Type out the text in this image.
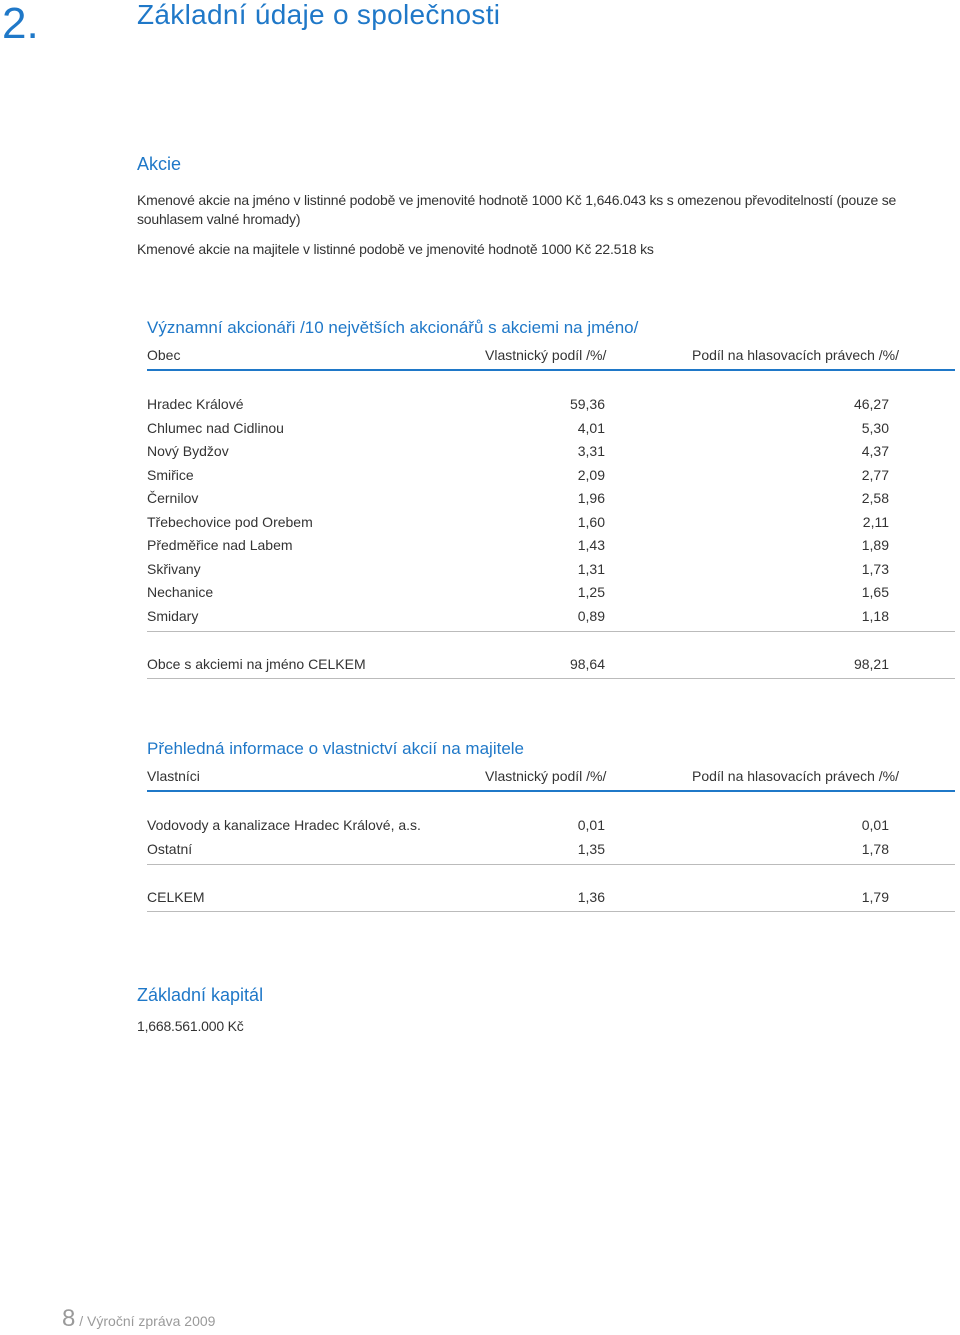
2.	Základní údaje o společnosti
Akcie
Kmenové akcie na jméno v listinné podobě ve jmenovité hodnotě 1000 Kč 1,646.043 ks s omezenou převoditelností (pouze se souhlasem valné hromady)
Kmenové akcie na majitele v listinné podobě ve jmenovité hodnotě 1000 Kč 22.518 ks
Významní akcionáři /10 největších akcionářů s akciemi na jméno/
Obec	Vlastnický podíl /%/	Podíl na hlasovacích právech /%/
Hradec Králové	59,36	46,27
Chlumec nad Cidlinou	4,01	5,30
Nový Bydžov	3,31	4,37
Smiřice	2,09	2,77
Černilov	1,96	2,58
Třebechovice pod Orebem	1,60	2,11
Předměřice nad Labem	1,43	1,89
Skřivany	1,31	1,73
Nechanice	1,25	1,65
Smidary	0,89	1,18
Obce s akciemi na jméno CELKEM	98,64	98,21
Přehledná informace o vlastnictví akcií na majitele
Vlastníci	Vlastnický podíl /%/	Podíl na hlasovacích právech /%/
Vodovody a kanalizace Hradec Králové, a.s.	0,01	0,01
Ostatní	1,35	1,78
CELKEM	1,36	1,79
Základní kapitál
1,668.561.000 Kč
8 / Výroční zpráva 2009
